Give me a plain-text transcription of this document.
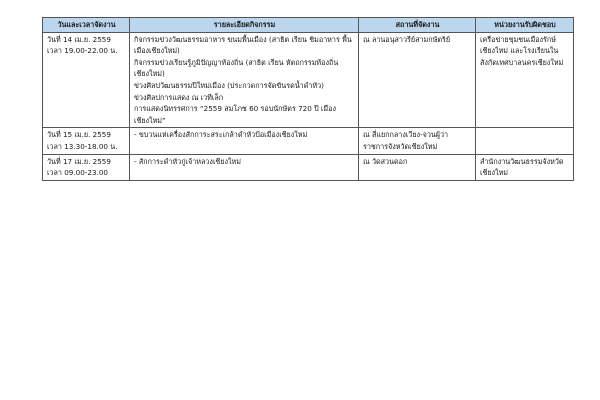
วันและเวลาจัดงาน	รายละเอียดกิจกรรม	สถานที่จัดงาน	หน่วยงานรับผิดชอบ

วันที่ 14 เม.ย. 2559
เวลา 19.00-22.00 น.	กิจกรรมข่วงวัฒนธรรมอาหาร ขนมพื้นเมือง (สาธิต เรียน ชิมอาหาร พื้นเมืองเชียงใหม่)
กิจกรรมข่วงเรียนรู้ภูมิปัญญาท้องถิ่น (สาธิต เรียน หัตถกรรมท้องถิ่น เชียงใหม่)
ข่วงศิลปวัฒนธรรมปีใหม่เมือง (ประกวดการจัดขันรดน้ำดำหัว)
ข่วงศิลปการแสดง ณ เวทีเล็ก
การแสดงนิทรรศการ “2559 สมโภช 60 รอบนักษัตร 720 ปี เมือง เชียงใหม่”	ณ ลานอนุสาวรีย์สามกษัตริย์	เครือข่ายชุมชนเมืองรักษ์ เชียงใหม่ และโรงเรียนใน สังกัดเทศบาลนครเชียงใหม่

วันที่ 15 เม.ย. 2559
เวลา 13.30-18.00 น.	- ขบวนแห่เครื่องสักการะสระเกล้าดำหัวป้อเมืองเชียงใหม่	ณ สี่แยกกลางเวียง-จวนผู้ว่า ราชการจังหวัดเชียงใหม่	

วันที่ 17 เม.ย. 2559
เวลา 09.00-23.00	- สักการะดำหัวกู่เจ้าหลวงเชียงใหม่	ณ วัดสวนดอก	สำนักงานวัฒนธรรมจังหวัด เชียงใหม่
